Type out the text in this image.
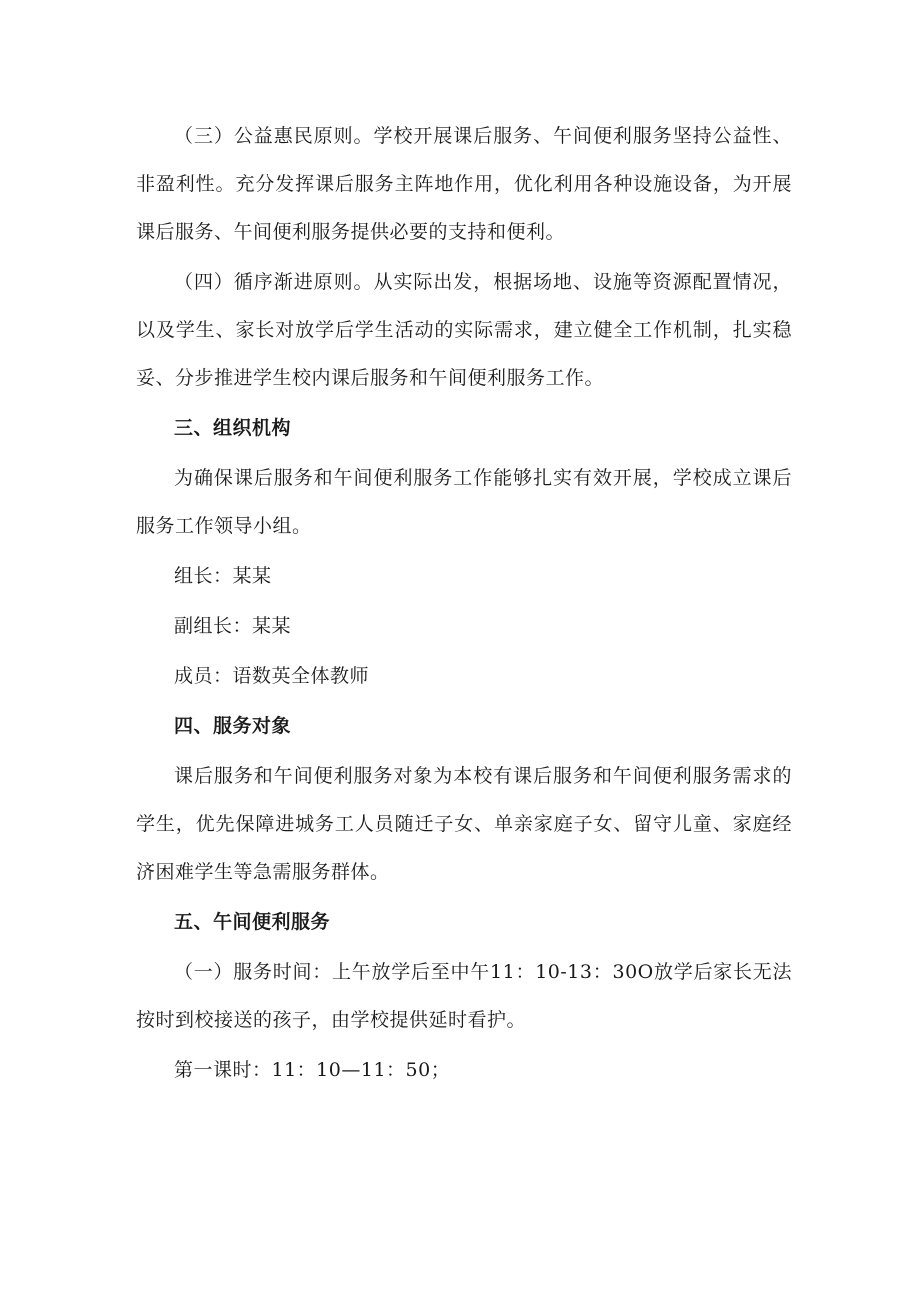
（三）公益惠民原则。学校开展课后服务、午间便利服务坚持公益性、非盈利性。充分发挥课后服务主阵地作用，优化利用各种设施设备，为开展课后服务、午间便利服务提供必要的支持和便利。

（四）循序渐进原则。从实际出发，根据场地、设施等资源配置情况，以及学生、家长对放学后学生活动的实际需求，建立健全工作机制，扎实稳妥、分步推进学生校内课后服务和午间便利服务工作。

三、组织机构

为确保课后服务和午间便利服务工作能够扎实有效开展，学校成立课后服务工作领导小组。

组长：某某

副组长：某某

成员：语数英全体教师

四、服务对象

课后服务和午间便利服务对象为本校有课后服务和午间便利服务需求的学生，优先保障进城务工人员随迁子女、单亲家庭子女、留守儿童、家庭经济困难学生等急需服务群体。

五、午间便利服务

（一）服务时间：上午放学后至中午11：10-13：30O放学后家长无法按时到校接送的孩子，由学校提供延时看护。

第一课时：11：10—11：50；
